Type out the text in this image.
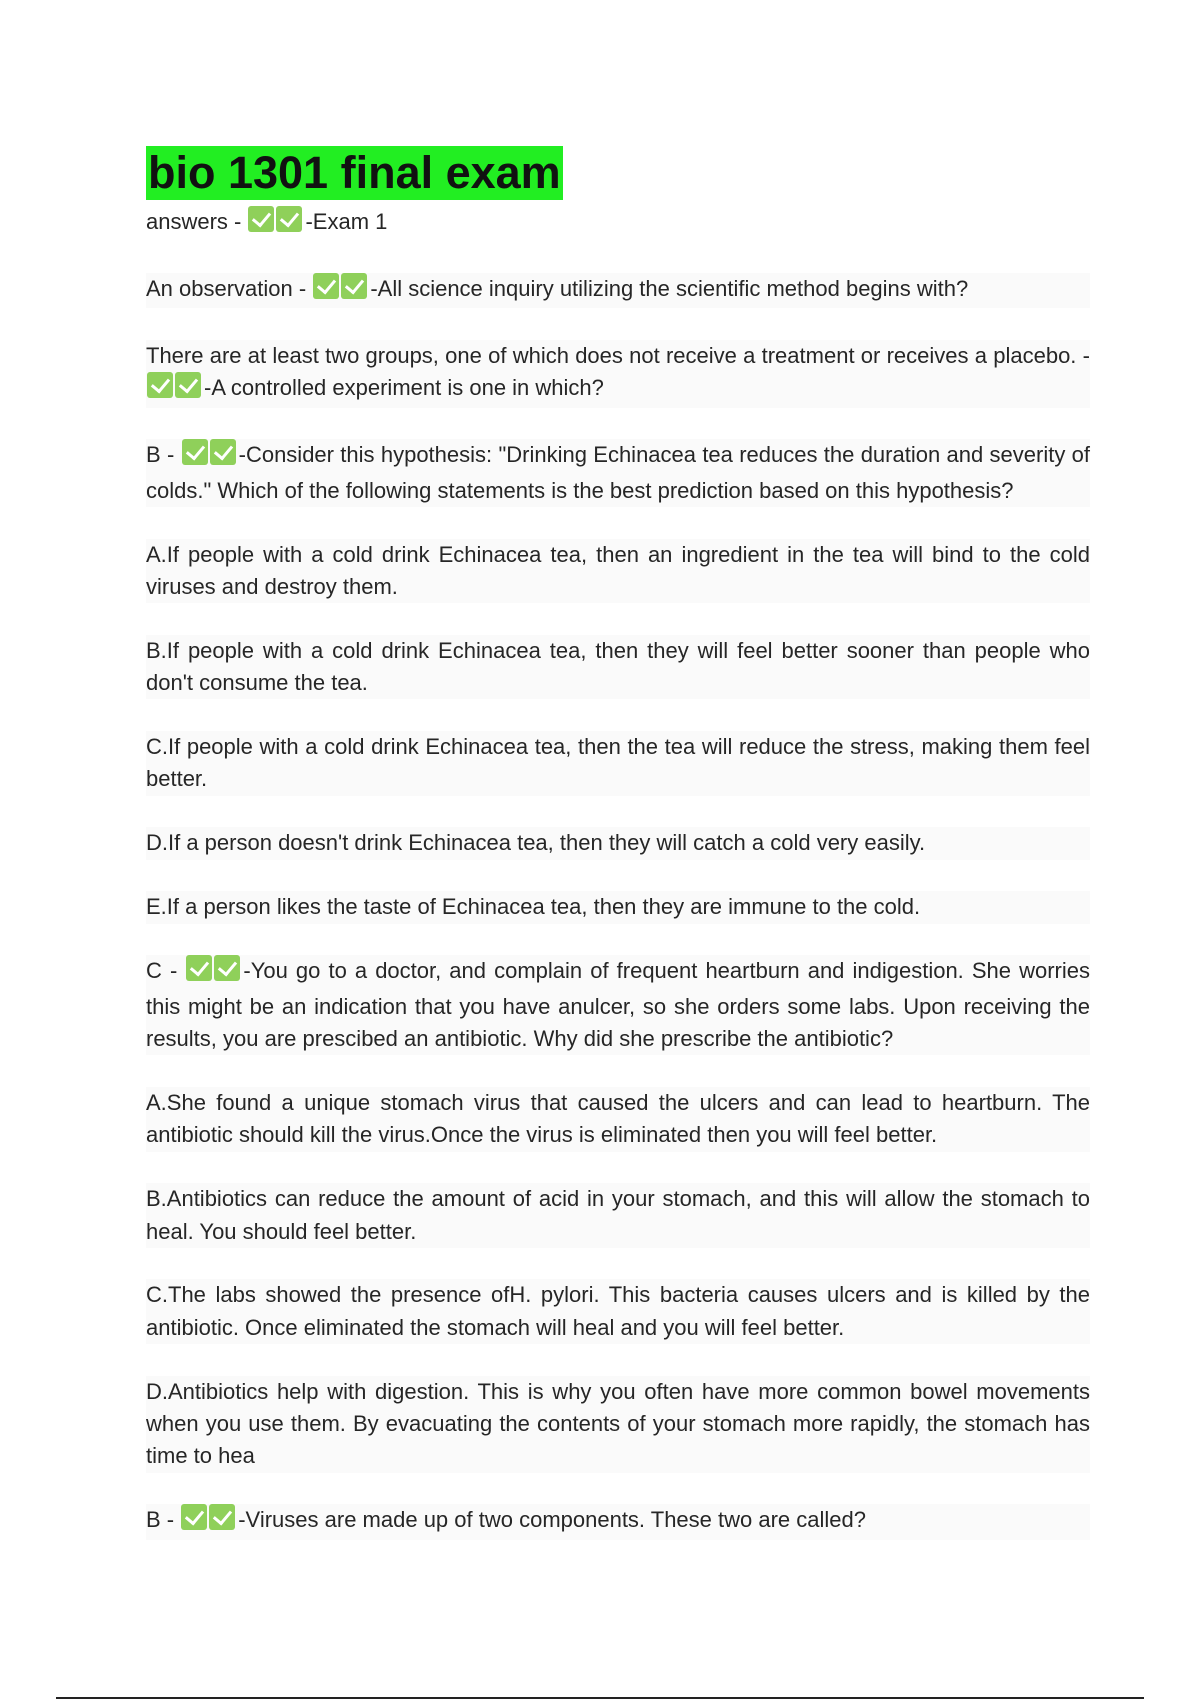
bio 1301 final exam

answers -	-Exam 1

An observation -	-All science inquiry utilizing the scientific method begins with?

There are at least two groups, one of which does not receive a treatment or receives a placebo. - -A controlled experiment is one in which?

B -	-Consider this hypothesis: "Drinking Echinacea tea reduces the duration and severity of colds." Which of the following statements is the best prediction based on this hypothesis?

A.If people with a cold drink Echinacea tea, then an ingredient in the tea will bind to the cold viruses and destroy them.

B.If people with a cold drink Echinacea tea, then they will feel better sooner than people who don't consume the tea.

C.If people with a cold drink Echinacea tea, then the tea will reduce the stress, making them feel better.

D.If a person doesn't drink Echinacea tea, then they will catch a cold very easily.

E.If a person likes the taste of Echinacea tea, then they are immune to the cold.

C -	-You go to a doctor, and complain of frequent heartburn and indigestion. She worries this might be an indication that you have anulcer, so she orders some labs. Upon receiving the results, you are prescibed an antibiotic. Why did she prescribe the antibiotic?

A.She found a unique stomach virus that caused the ulcers and can lead to heartburn. The antibiotic should kill the virus.Once the virus is eliminated then you will feel better.

B.Antibiotics can reduce the amount of acid in your stomach, and this will allow the stomach to heal. You should feel better.

C.The labs showed the presence ofH. pylori. This bacteria causes ulcers and is killed by the antibiotic. Once eliminated the stomach will heal and you will feel better.

D.Antibiotics help with digestion. This is why you often have more common bowel movements when you use them. By evacuating the contents of your stomach more rapidly, the stomach has time to hea

B -	-Viruses are made up of two components. These two are called?
